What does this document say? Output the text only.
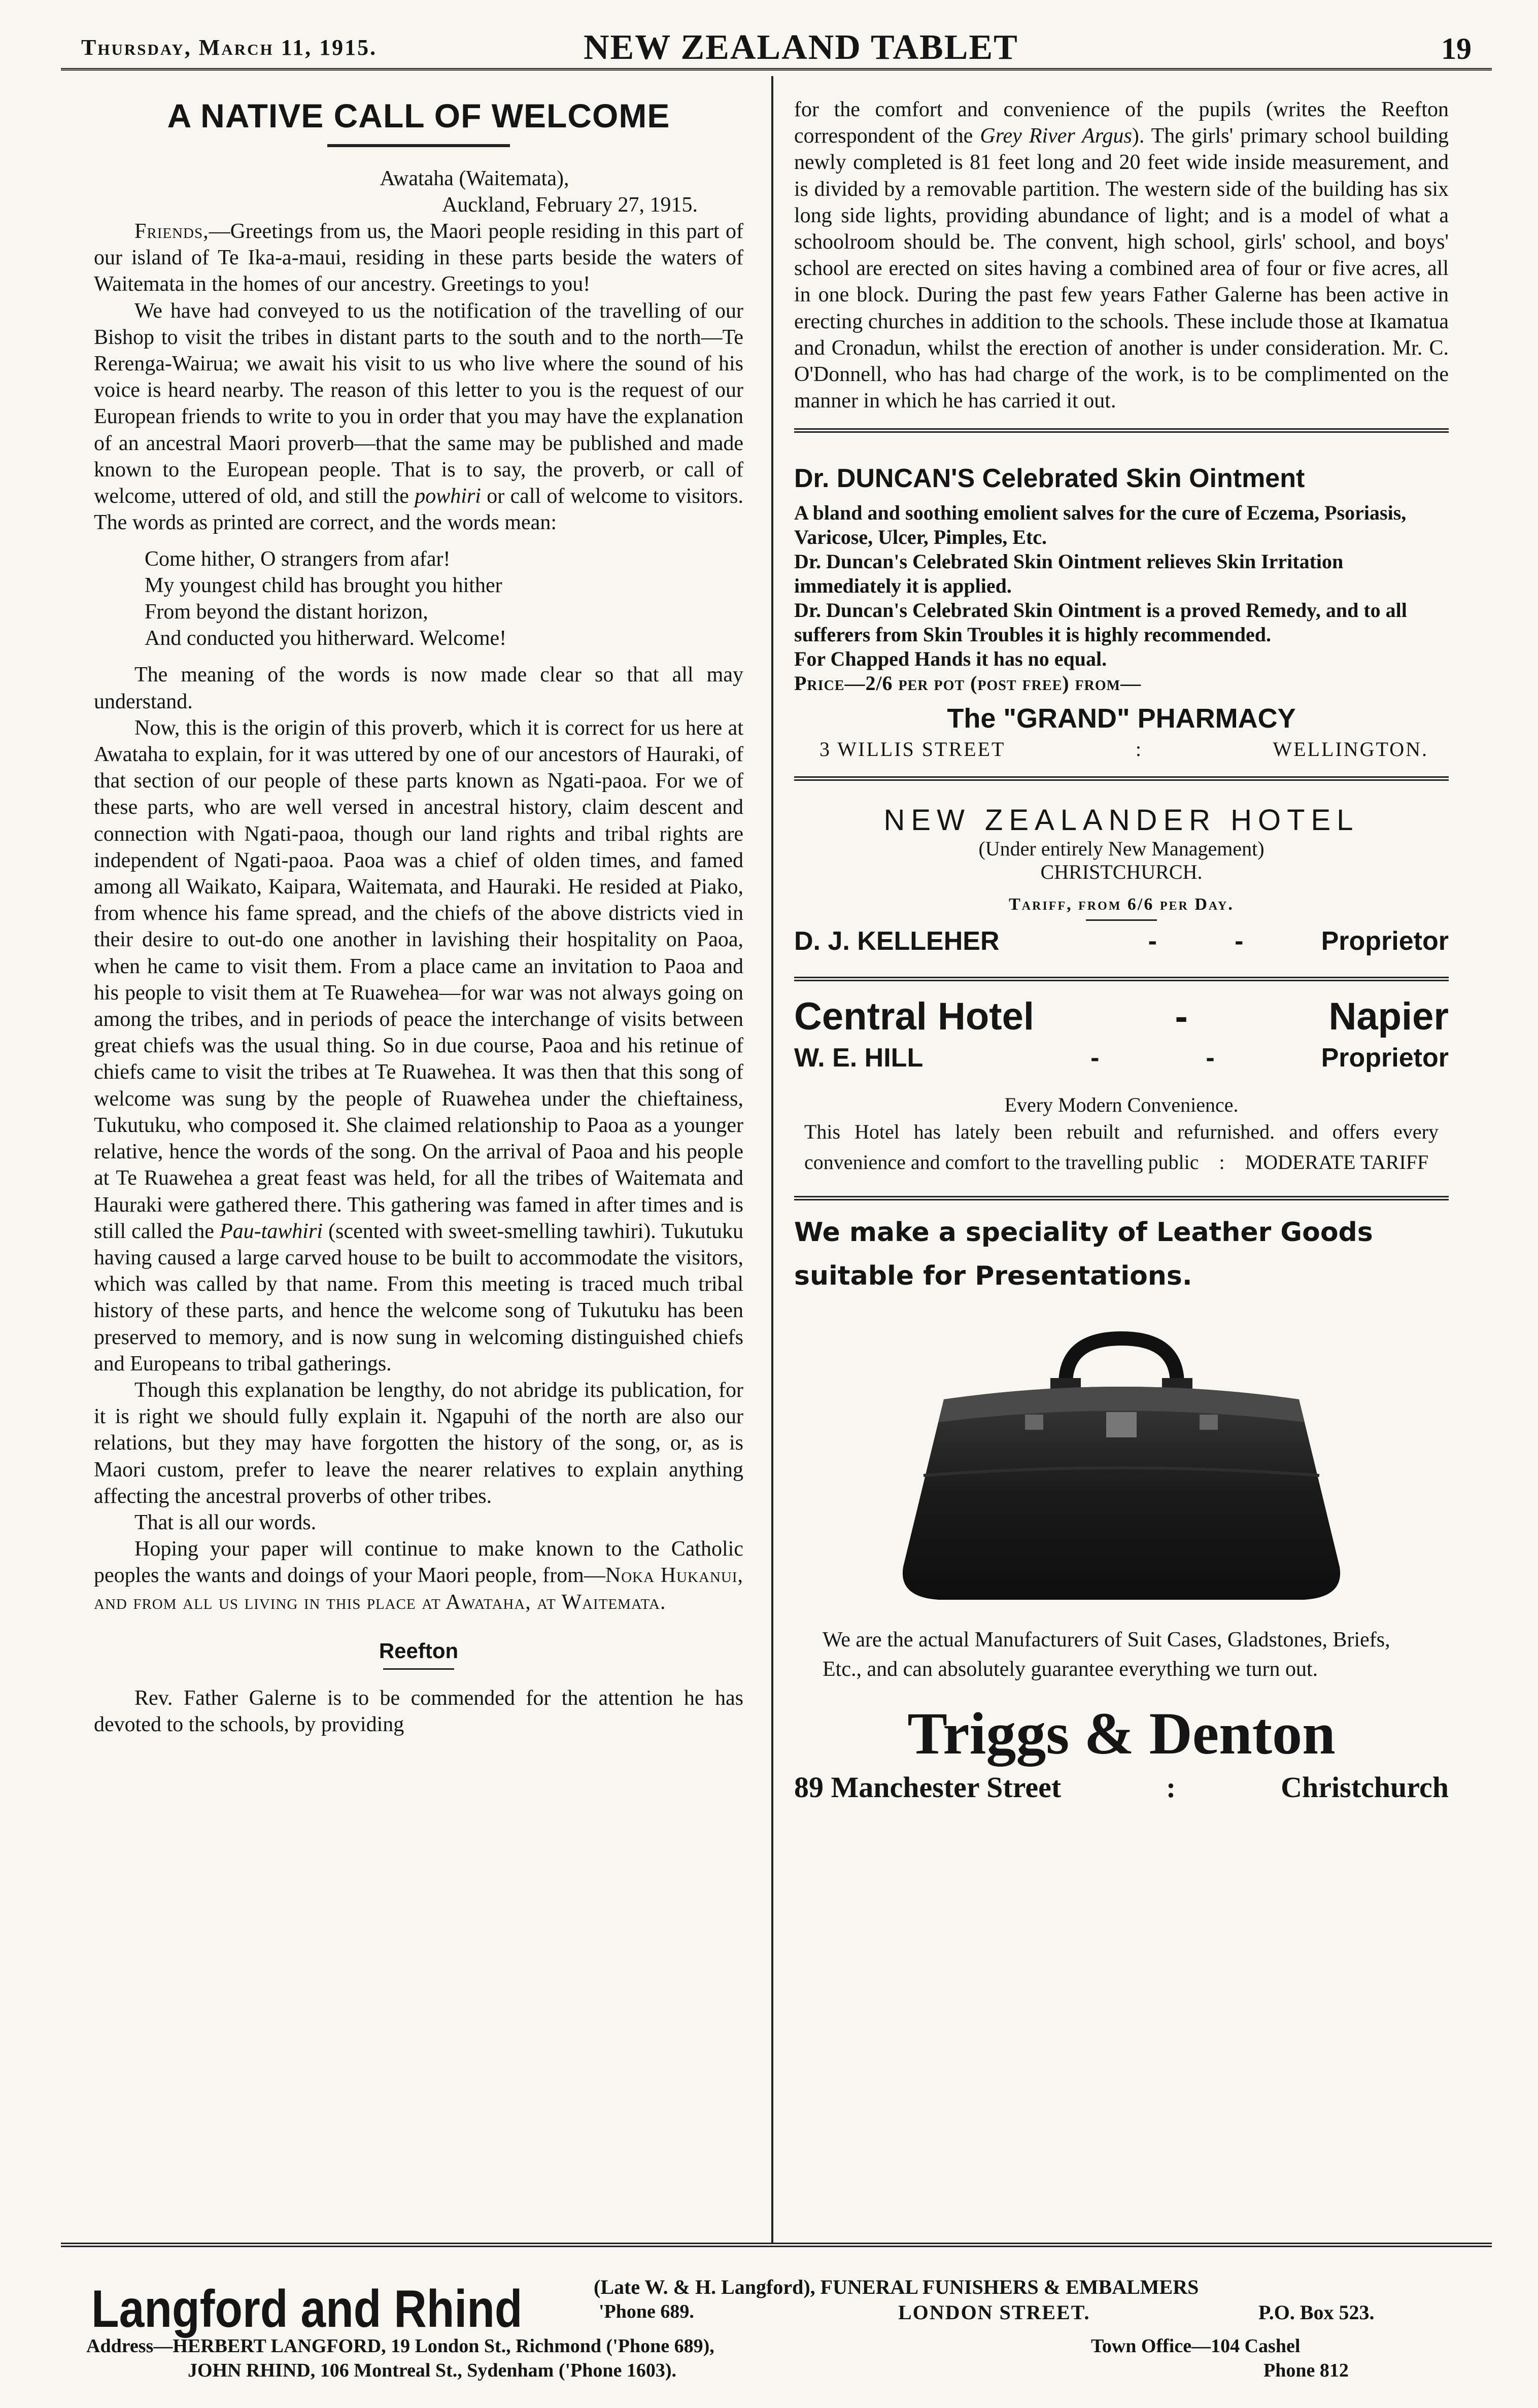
Thursday, March 11, 1915.	NEW ZEALAND TABLET	19
A NATIVE CALL OF WELCOME
Awataha (Waitemata),
Auckland, February 27, 1915.

Friends,—Greetings from us, the Maori people residing in this part of our island of Te Ika-a-maui, residing in these parts beside the waters of Waitemata in the homes of our ancestry. Greetings to you!

We have had conveyed to us the notification of the travelling of our Bishop to visit the tribes in distant parts to the south and to the north—Te Rerenga-Wairua; we await his visit to us who live where the sound of his voice is heard nearby. The reason of this letter to you is the request of our European friends to write to you in order that you may have the explanation of an ancestral Maori proverb—that the same may be published and made known to the European people. That is to say, the proverb, or call of welcome, uttered of old, and still the powhiri or call of welcome to visitors. The words as printed are correct, and the words mean:

Come hither, O strangers from afar!
My youngest child has brought you hither
From beyond the distant horizon,
And conducted you hitherward. Welcome!

The meaning of the words is now made clear so that all may understand.

Now, this is the origin of this proverb, which it is correct for us here at Awataha to explain, for it was uttered by one of our ancestors of Hauraki, of that section of our people of these parts known as Ngati-paoa. For we of these parts, who are well versed in ancestral history, claim descent and connection with Ngati-paoa, though our land rights and tribal rights are independent of Ngati-paoa. Paoa was a chief of olden times, and famed among all Waikato, Kaipara, Waitemata, and Hauraki. He resided at Piako, from whence his fame spread, and the chiefs of the above districts vied in their desire to out-do one another in lavishing their hospitality on Paoa, when he came to visit them. From a place came an invitation to Paoa and his people to visit them at Te Ruawehea—for war was not always going on among the tribes, and in periods of peace the interchange of visits between great chiefs was the usual thing. So in due course, Paoa and his retinue of chiefs came to visit the tribes at Te Ruawehea. It was then that this song of welcome was sung by the people of Ruawehea under the chieftainess, Tukutuku, who composed it. She claimed relationship to Paoa as a younger relative, hence the words of the song. On the arrival of Paoa and his people at Te Ruawehea a great feast was held, for all the tribes of Waitemata and Hauraki were gathered there. This gathering was famed in after times and is still called the Pau-tawhiri (scented with sweet-smelling tawhiri). Tukutuku having caused a large carved house to be built to accommodate the visitors, which was called by that name. From this meeting is traced much tribal history of these parts, and hence the welcome song of Tukutuku has been preserved to memory, and is now sung in welcoming distinguished chiefs and Europeans to tribal gatherings.

Though this explanation be lengthy, do not abridge its publication, for it is right we should fully explain it. Ngapuhi of the north are also our relations, but they may have forgotten the history of the song, or, as is Maori custom, prefer to leave the nearer relatives to explain anything affecting the ancestral proverbs of other tribes.

That is all our words.

Hoping your paper will continue to make known to the Catholic peoples the wants and doings of your Maori people, from—Noka Hukanui, and from all us living in this place at Awataha, at Waitemata.

Reefton

Rev. Father Galerne is to be commended for the attention he has devoted to the schools, by providing

for the comfort and convenience of the pupils (writes the Reefton correspondent of the Grey River Argus). The girls' primary school building newly completed is 81 feet long and 20 feet wide inside measurement, and is divided by a removable partition. The western side of the building has six long side lights, providing abundance of light; and is a model of what a schoolroom should be. The convent, high school, girls' school, and boys' school are erected on sites having a combined area of four or five acres, all in one block. During the past few years Father Galerne has been active in erecting churches in addition to the schools. These include those at Ikamatua and Cronadun, whilst the erection of another is under consideration. Mr. C. O'Donnell, who has had charge of the work, is to be complimented on the manner in which he has carried it out.

Dr. DUNCAN'S Celebrated Skin Ointment

A bland and soothing emolient salves for the cure of Eczema, Psoriasis, Varicose, Ulcer, Pimples, Etc.

Dr. Duncan's Celebrated Skin Ointment relieves Skin Irritation immediately it is applied.

Dr. Duncan's Celebrated Skin Ointment is a proved Remedy, and to all sufferers from Skin Troubles it is highly recommended.

For Chapped Hands it has no equal.

Price—2/6 per pot (post free) from—

The "GRAND" PHARMACY
3 WILLIS STREET	:	WELLINGTON.
NEW ZEALANDER HOTEL

(Under entirely New Management)

CHRISTCHURCH.

Tariff, from 6/6 per Day.

D. J. KELLEHER	-	-	Proprietor
Central Hotel	-	Napier
W. E. HILL	-	-	Proprietor

Every Modern Convenience.

This Hotel has lately been rebuilt and refurnished. and offers every convenience and comfort to the travelling public : MODERATE TARIFF

We make a speciality of Leather Goods suitable for Presentations.

We are the actual Manufacturers of Suit Cases, Gladstones, Briefs, Etc., and can absolutely guarantee everything we turn out.

Triggs & Denton
89 Manchester Street	:	Christchurch
Langford and Rhind	(Late W. & H. Langford), FUNERAL FUNISHERS & EMBALMERS
'Phone 689.	LONDON STREET.	P.O. Box 523.
Address—HERBERT LANGFORD, 19 London St., Richmond ('Phone 689),
JOHN RHIND, 106 Montreal St., Sydenham ('Phone 1603).
Town Office—104 Cashel
Phone 812
